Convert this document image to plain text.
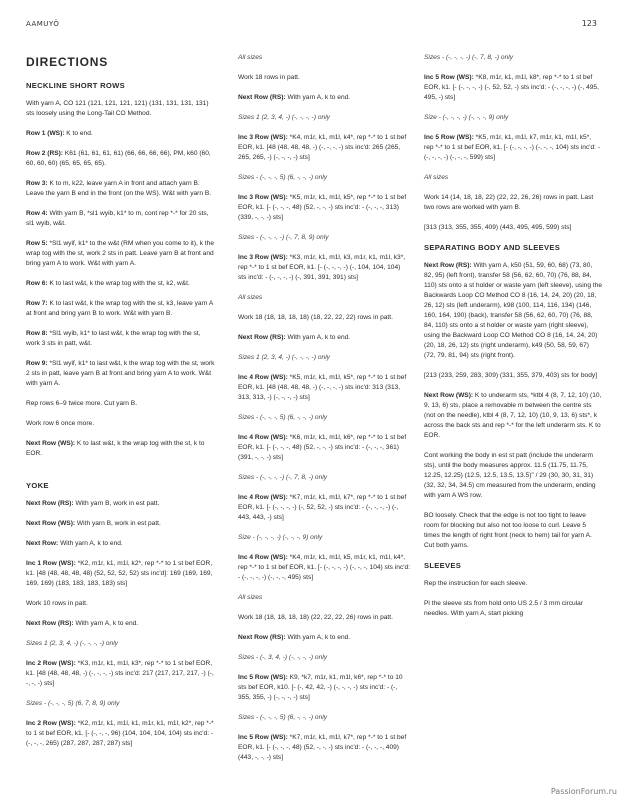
AAMUYÖ	123
DIRECTIONS
NECKLINE SHORT ROWS

With yarn A, CO 121 (121, 121, 121, 121) (131, 131, 131, 131) sts loosely using the Long-Tail CO Method.

Row 1 (WS): K to end.

Row 2 (RS): K61 (61, 61, 61, 61) (66, 66, 66, 66), PM, k60 (60, 60, 60, 60) (65, 65, 65, 65).

Row 3: K to m, k22, leave yarn A in front and attach yarn B. Leave the yarn B end in the front (on the WS). W&t with yarn B.

Row 4: With yarn B, *sl1 wyib, k1* to m, cont rep *-* for 20 sts, sl1 wyib, w&t.

Row 5: *Sl1 wyif, k1* to the w&t (RM when you come to it), k the wrap tog with the st, work 2 sts in patt. Leave yarn B at front and bring yarn A to work. W&t with yarn A.

Row 6: K to last w&t, k the wrap tog with the st, k2, w&t.

Row 7: K to last w&t, k the wrap tog with the st, k3, leave yarn A at front and bring yarn B to work. W&t with yarn B.

Row 8: *Sl1 wyib, k1* to last w&t, k the wrap tog with the st, work 3 sts in patt, w&t.

Row 9: *Sl1 wyif, k1* to last w&t, k the wrap tog with the st, work 2 sts in patt, leave yarn B at front and bring yarn A to work. W&t with yarn A.

Rep rows 6–9 twice more. Cut yarn B.

Work row 6 once more.

Next Row (WS): K to last w&t, k the wrap tog with the st, k to EOR.

YOKE

Next Row (RS): With yarn B, work in est patt.

Next Row (WS): With yarn B, work in est patt.

Next Row: With yarn A, k to end.

Inc 1 Row (WS): *K2, m1r, k1, m1l, k2*, rep *-* to 1 st bef EOR, k1. [48 (48, 48, 48, 48) (52, 52, 52, 52) sts inc'd]: 169 (169, 169, 169, 169) (183, 183, 183, 183) sts]

Work 10 rows in patt.

Next Row (RS): With yarn A, k to end.

Sizes 1 (2, 3, 4, -) (-, -, -, -) only

Inc 2 Row (WS): *K3, m1r, k1, m1l, k3*, rep *-* to 1 st bef EOR, k1. [48 (48, 48, 48, -) (-, -, -, -) sts inc'd: 217 (217, 217, 217, -) (-, -, -, -) sts]

Sizes - (-, -, -, 5) (6, 7, 8, 9) only

Inc 2 Row (WS): *K2, m1r, k1, m1l, k1, m1r, k1, m1l, k2*, rep *-* to 1 st bef EOR, k1. [- (-, -, -, 96) (104, 104, 104, 104) sts inc'd: - (-, -, -, 265) (287, 287, 287, 287) sts]

All sizes

Work 18 rows in patt.

Next Row (RS): With yarn A, k to end.

Sizes 1 (2, 3, 4, -) (-, -, -, -) only

Inc 3 Row (WS): *K4, m1r, k1, m1l, k4*, rep *-* to 1 st bef EOR, k1. [48 (48, 48, 48, -) (-, -, -, -) sts inc'd: 265 (265, 265, 265, -) (-, -, -, -) sts]

Sizes - (-, -, -, 5) (6, -, -, -) only

Inc 3 Row (WS): *K5, m1r, k1, m1l, k5*, rep *-* to 1 st bef EOR, k1. [- (-, -, -, 48) (52, -, -, -) sts inc'd: - (-, -, -, 313) (339, -, -, -) sts]

Sizes - (-, -, -, -) (-, 7, 8, 9) only

Inc 3 Row (WS): *K3, m1r, k1, m1l, k3, m1r, k1, m1l, k3*, rep *-* to 1 st bef EOR, k1. [- (-, -, -, -) (-, 104, 104, 104) sts inc'd: - (-, -, -, -) (-, 391, 391, 391) sts]

All sizes

Work 18 (18, 18, 18, 18) (18, 22, 22, 22) rows in patt.

Next Row (RS): With yarn A, k to end.

Sizes 1 (2, 3, 4, -) (-, -, -, -) only

Inc 4 Row (WS): *K5, m1r, k1, m1l, k5*, rep *-* to 1 st bef EOR, k1. [48 (48, 48, 48, -) (-, -, -, -) sts inc'd: 313 (313, 313, 313, -) (-, -, -, -) sts]

Sizes - (-, -, -, 5) (6, -, -, -) only

Inc 4 Row (WS): *K6, m1r, k1, m1l, k6*, rep *-* to 1 st bef EOR, k1. [- (-, -, -, 48) (52, -, -, -) sts inc'd: - (-, -, -, 361) (391, -, -, -) sts]

Sizes - (-, -, -, -) (-, 7, 8, -) only

Inc 4 Row (WS): *K7, m1r, k1, m1l, k7*, rep *-* to 1 st bef EOR, k1. [- (-, -, -, -) (-, 52, 52, -) sts inc'd: - (-, -, -, -) (-, 443, 443, -) sts]

Size - (-, -, -, -) (-, -, -, 9) only

Inc 4 Row (WS): *K4, m1r, k1, m1l, k5, m1r, k1, m1l, k4*, rep *-* to 1 st bef EOR, k1. [- (-, -, -, -) (-, -, -, 104) sts inc'd: - (-, -, -, -) (-, -, -, 495) sts]

All sizes

Work 18 (18, 18, 18, 18) (22, 22, 22, 26) rows in patt.

Next Row (RS): With yarn A, k to end.

Sizes - (-, 3, 4, -) (-, -, -, -) only

Inc 5 Row (WS): K9, *k7, m1r, k1, m1l, k6*, rep *-* to 10 sts bef EOR, k10. [- (-, 42, 42, -) (-, -, -, -) sts inc'd: - (-, 355, 355, -) (-, -, -, -) sts]

Sizes - (-, -, -, 5) (6, -, -, -) only

Inc 5 Row (WS): *K7, m1r, k1, m1l, k7*, rep *-* to 1 st bef EOR, k1. [- (-, -, -, 48) (52, -, -, -) sts inc'd: - (-, -, -, 409) (443, -, -, -) sts]

Sizes - (-, -, -, -) (-, 7, 8, -) only

Inc 5 Row (WS): *K8, m1r, k1, m1l, k8*, rep *-* to 1 st bef EOR, k1. [- (-, -, -, -) (-, 52, 52, -) sts inc'd: - (-, -, -, -) (-, 495, 495, -) sts]

Size - (-, -, -, -) (-, -, -, 9) only

Inc 5 Row (WS): *K5, m1r, k1, m1l, k7, m1r, k1, m1l, k5*, rep *-* to 1 st bef EOR, k1. [- (-, -, -, -) (-, -, -, 104) sts inc'd: - (-, -, -, -) (-, -, -, 599) sts]

All sizes

Work 14 (14, 18, 18, 22) (22, 22, 26, 26) rows in patt. Last two rows are worked with yarn B.

[313 (313, 355, 355, 409) (443, 495, 495, 599) sts]

SEPARATING BODY AND SLEEVES

Next Row (RS): With yarn A, k50 (51, 59, 60, 68) (73, 80, 82, 95) (left front), transfer 58 (56, 62, 60, 70) (76, 88, 84, 110) sts onto a st holder or waste yarn (left sleeve), using the Backwards Loop CO Method CO 8 (16, 14, 24, 20) (20, 18, 26, 12) sts (left underarm), k98 (100, 114, 116, 134) (146, 160, 164, 190) (back), transfer 58 (56, 62, 60, 70) (76, 88, 84, 110) sts onto a st holder or waste yarn (right sleeve), using the Backward Loop CO Method CO 8 (16, 14, 24, 20) (20, 18, 26, 12) sts (right underarm), k49 (50, 58, 59, 67) (72, 79, 81, 94) sts (right front).

[213 (233, 259, 283, 309) (331, 355, 379, 403) sts for body]

Next Row (WS): K to underarm sts, *ktbl 4 (8, 7, 12, 10) (10, 9, 13, 6) sts, place a removable m between the centre sts (not on the needle), ktbl 4 (8, 7, 12, 10) (10, 9, 13, 6) sts*, k across the back sts and rep *-* for the left underarm sts. K to EOR.

Cont working the body in est st patt (include the underarm sts), until the body measures approx. 11.5 (11.75, 11.75, 12.25, 12.25) (12.5, 12.5, 13.5, 13.5)" / 29 (30, 30, 31, 31) (32, 32, 34, 34.5) cm measured from the underarm, ending with yarn A WS row.

BO loosely. Check that the edge is not too tight to leave room for blocking but also not too loose to curl. Leave 5 times the length of right front (neck to hem) tail for yarn A. Cut both yarns.

SLEEVES

Rep the instruction for each sleeve.

Pl the sleeve sts from hold onto US 2.5 / 3 mm circular needles. With yarn A, start picking

PassionForum.ru
